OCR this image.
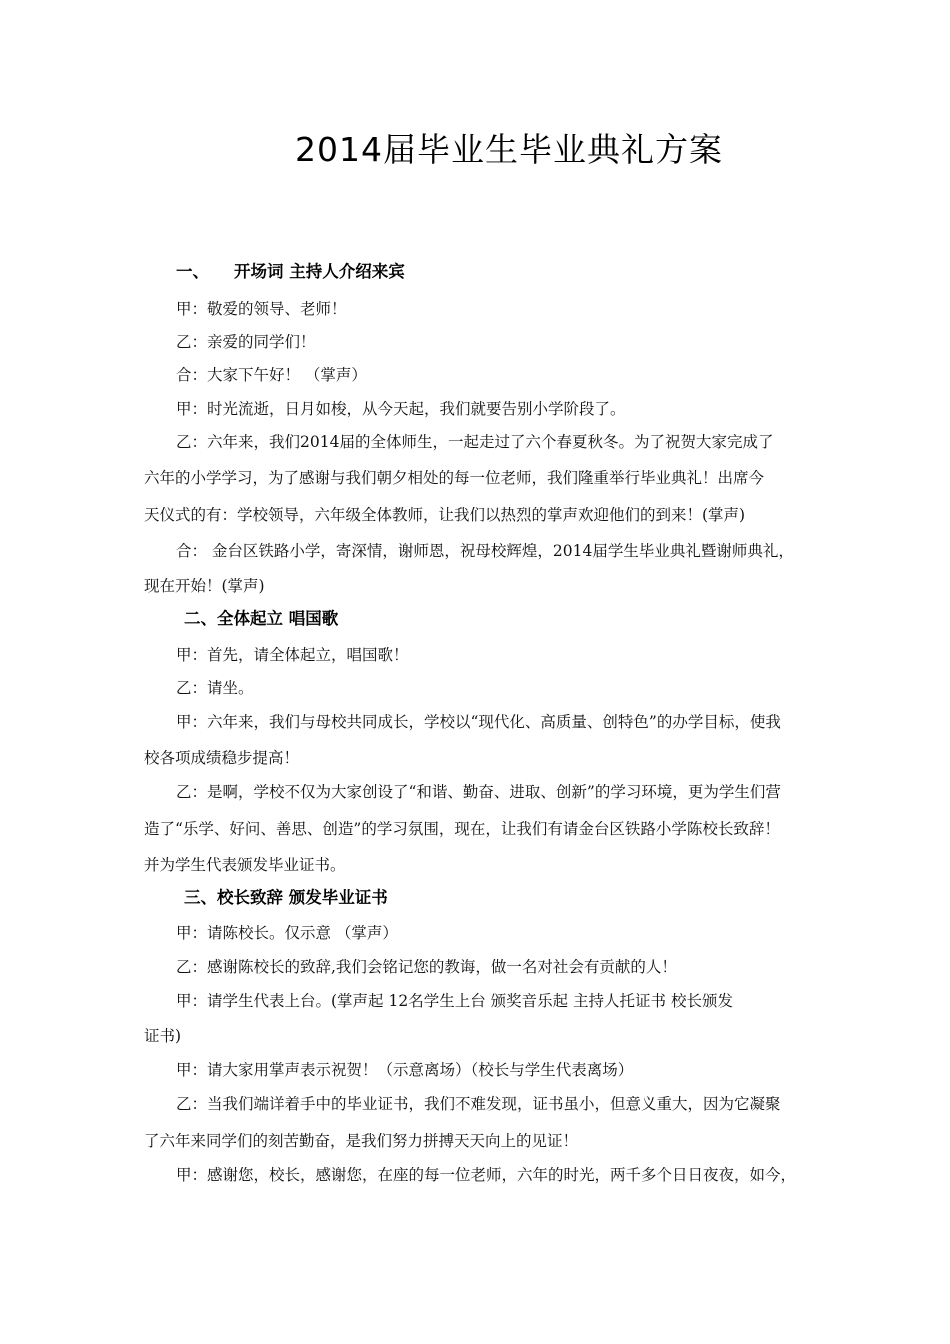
2014届毕业生毕业典礼方案
一、 开场词 主持人介绍来宾

甲：敬爱的领导、老师！

乙：亲爱的同学们！

合：大家下午好！ （掌声）

甲：时光流逝，日月如梭，从今天起，我们就要告别小学阶段了。

乙：六年来，我们2014届的全体师生，一起走过了六个春夏秋冬。为了祝贺大家完成了

六年的小学学习，为了感谢与我们朝夕相处的每一位老师，我们隆重举行毕业典礼！出席今

天仪式的有：学校领导，六年级全体教师，让我们以热烈的掌声欢迎他们的到来！(掌声)

合： 金台区铁路小学，寄深情，谢师恩，祝母校辉煌，2014届学生毕业典礼暨谢师典礼，

现在开始！(掌声)

二、全体起立 唱国歌

甲：首先，请全体起立，唱国歌！

乙：请坐。

甲：六年来，我们与母校共同成长，学校以“现代化、高质量、创特色”的办学目标，使我

校各项成绩稳步提高！

乙：是啊，学校不仅为大家创设了“和谐、勤奋、进取、创新”的学习环境，更为学生们营

造了“乐学、好问、善思、创造”的学习氛围，现在，让我们有请金台区铁路小学陈校长致辞！

并为学生代表颁发毕业证书。

三、校长致辞 颁发毕业证书

甲：请陈校长。仅示意 （掌声）

乙：感谢陈校长的致辞,我们会铭记您的教诲，做一名对社会有贡献的人！

甲：请学生代表上台。(掌声起 12名学生上台 颁奖音乐起 主持人托证书 校长颁发

证书)

甲：请大家用掌声表示祝贺！（示意离场）（校长与学生代表离场）

乙：当我们端详着手中的毕业证书，我们不难发现，证书虽小，但意义重大，因为它凝聚

了六年来同学们的刻苦勤奋，是我们努力拼搏天天向上的见证！

甲：感谢您，校长，感谢您，在座的每一位老师，六年的时光，两千多个日日夜夜，如今，
